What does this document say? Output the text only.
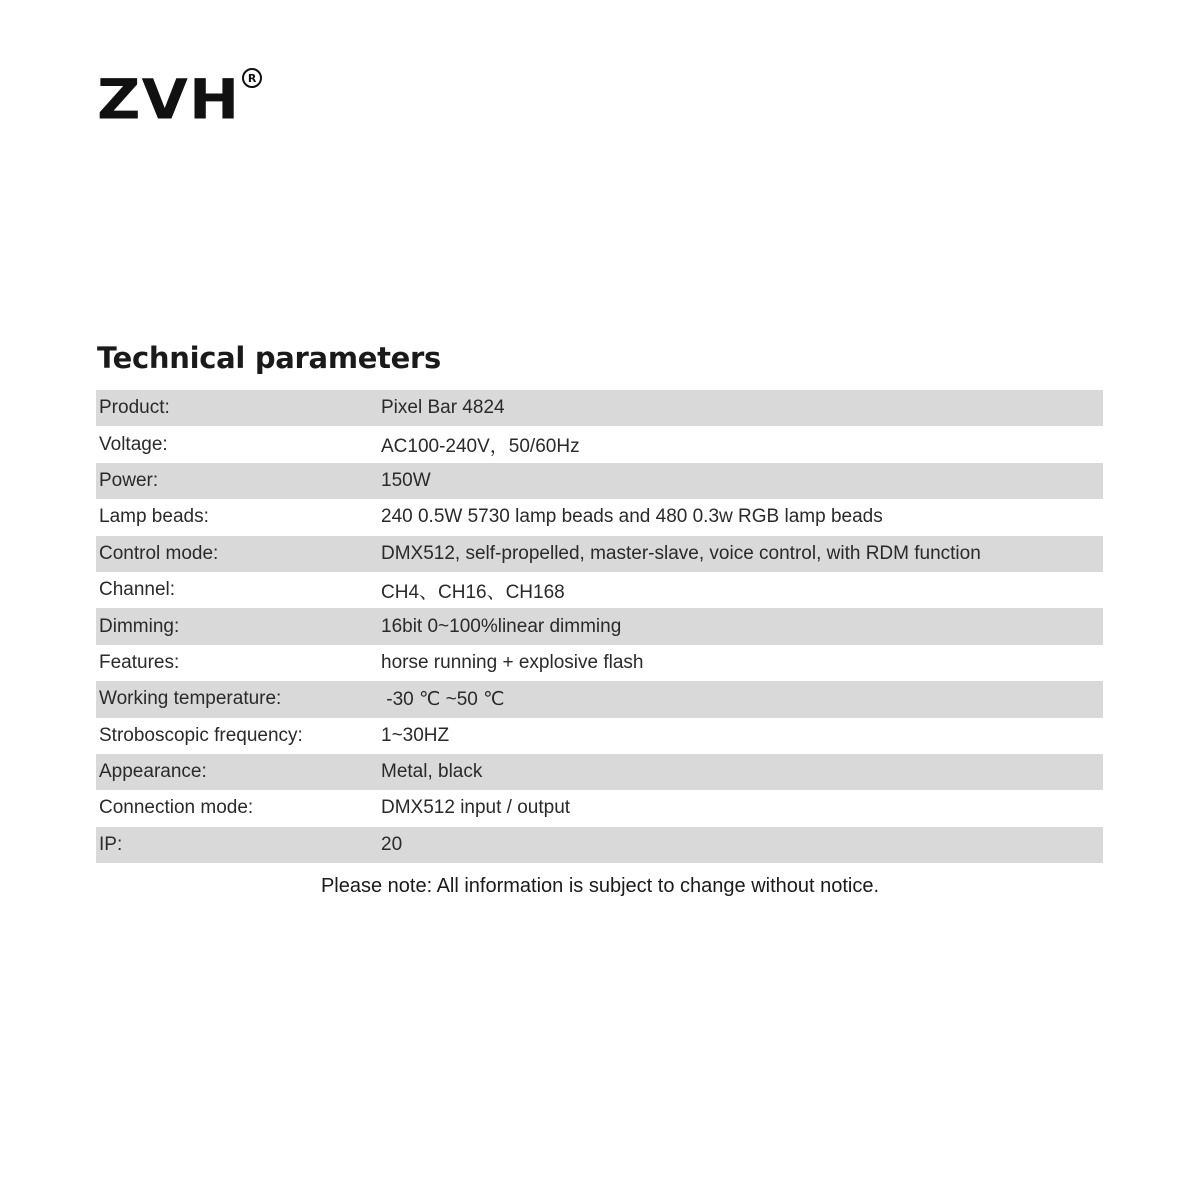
ZVH R
Technical parameters
Product:	Pixel Bar 4824
Voltage:	AC100-240V，50/60Hz
Power:	150W
Lamp beads:	240 0.5W 5730 lamp beads and 480 0.3w RGB lamp beads
Control mode:	DMX512, self-propelled, master-slave, voice control, with RDM function
Channel:	CH4、CH16、CH168
Dimming:	16bit 0~100%linear dimming
Features:	horse running + explosive flash
Working temperature:	-30 ℃ ~50 ℃
Stroboscopic frequency:	1~30HZ
Appearance:	Metal, black
Connection mode:	DMX512 input / output
IP:	20

Please note: All information is subject to change without notice.
